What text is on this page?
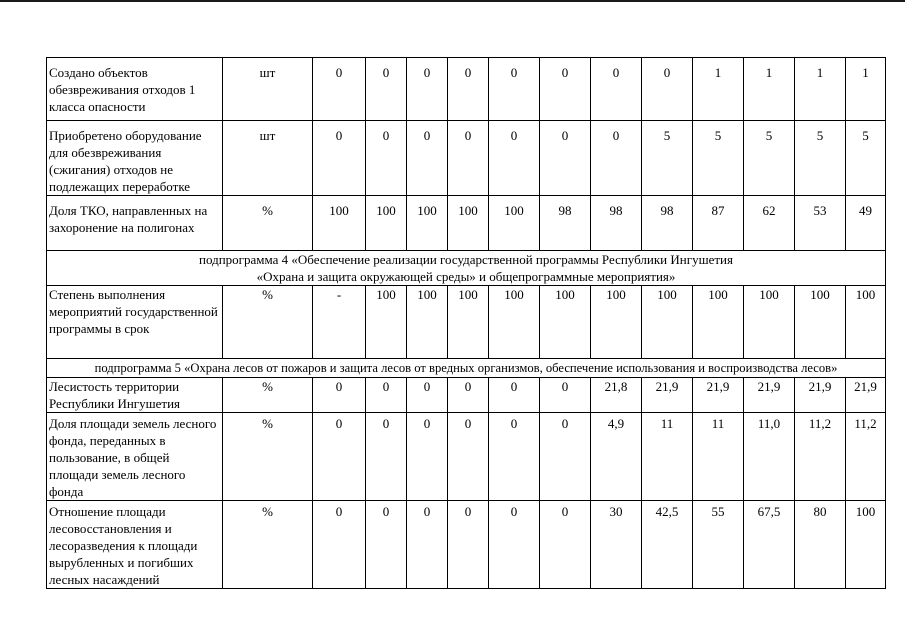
Создано объектов обезвреживания отходов 1 класса опасности	шт	0	0	0	0	0	0	0	0	1	1	1	1
Приобретено оборудование для обезвреживания (сжигания) отходов не подлежащих переработке	шт	0	0	0	0	0	0	0	5	5	5	5	5
Доля ТКО, направленных на захоронение на полигонах	%	100	100	100	100	100	98	98	98	87	62	53	49

подпрограмма 4 «Обеспечение реализации государственной программы Республики Ингушетия
«Охрана и защита окружающей среды» и общепрограммные мероприятия»													

Степень выполнения мероприятий государственной программы в срок	%	-	100	100	100	100	100	100	100	100	100	100	100
подпрограмма 5 «Охрана лесов от пожаров и защита лесов от вредных организмов, обеспечение использования и воспроизводства лесов»													
Лесистость территории Республики Ингушетия	%	0	0	0	0	0	0	21,8	21,9	21,9	21,9	21,9	21,9
Доля площади земель лесного фонда, переданных в пользование, в общей площади земель лесного фонда	%	0	0	0	0	0	0	4,9	11	11	11,0	11,2	11,2
Отношение площади лесовосстановления и лесоразведения к площади вырубленных и погибших лесных насаждений	%	0	0	0	0	0	0	30	42,5	55	67,5	80	100
